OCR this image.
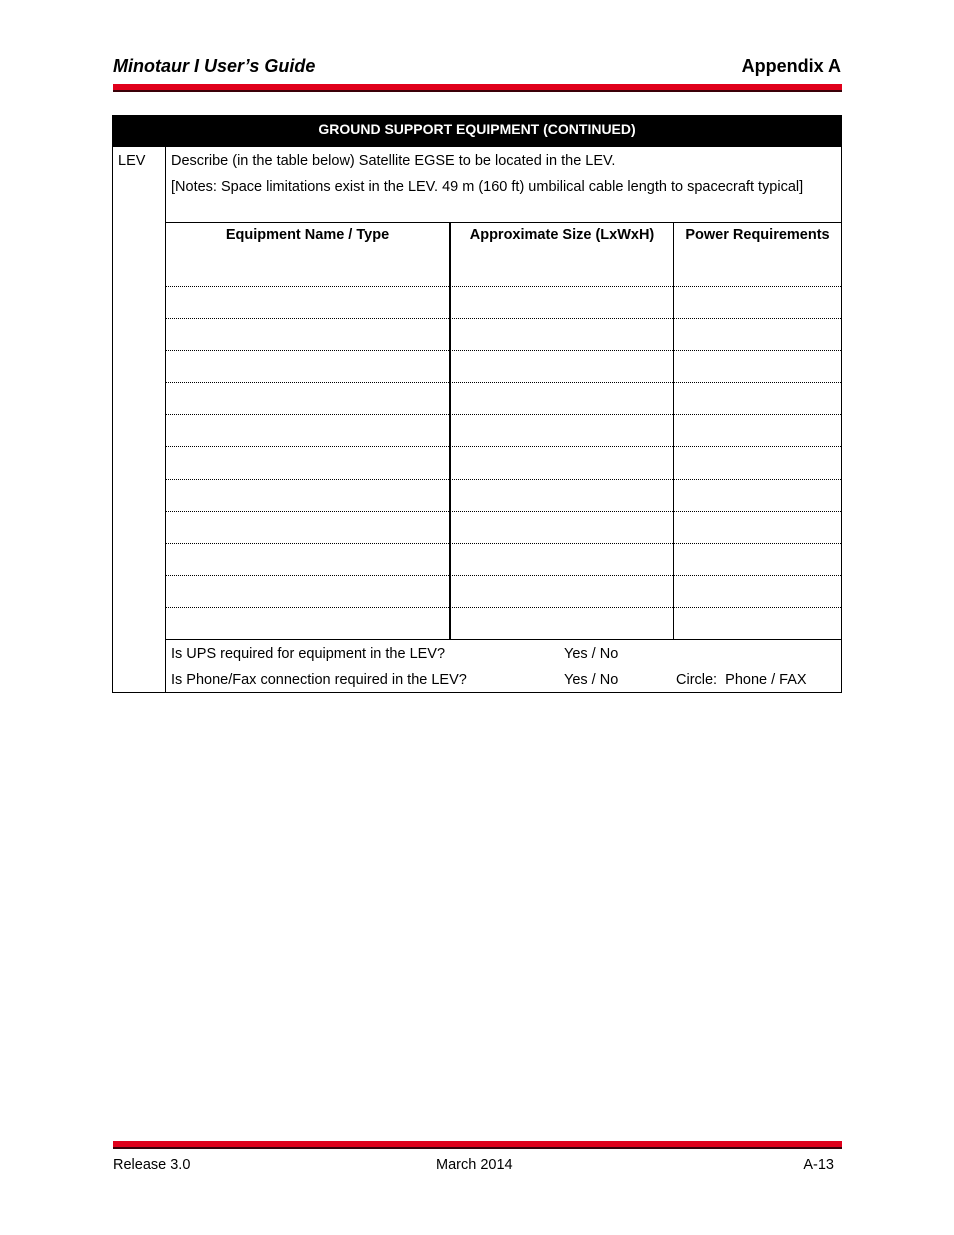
Minotaur I User’s Guide	Appendix A
GROUND SUPPORT EQUIPMENT (CONTINUED)
LEV Describe (in the table below) Satellite EGSE to be located in the LEV.
[Notes: Space limitations exist in the LEV. 49 m (160 ft) umbilical cable length to spacecraft typical]
Equipment Name / Type	Approximate Size (LxWxH)	Power Requirements
Is UPS required for equipment in the LEV?	Yes / No
Is Phone/Fax connection required in the LEV?	Yes / No	Circle:  Phone / FAX
Release 3.0	March 2014	A-13
